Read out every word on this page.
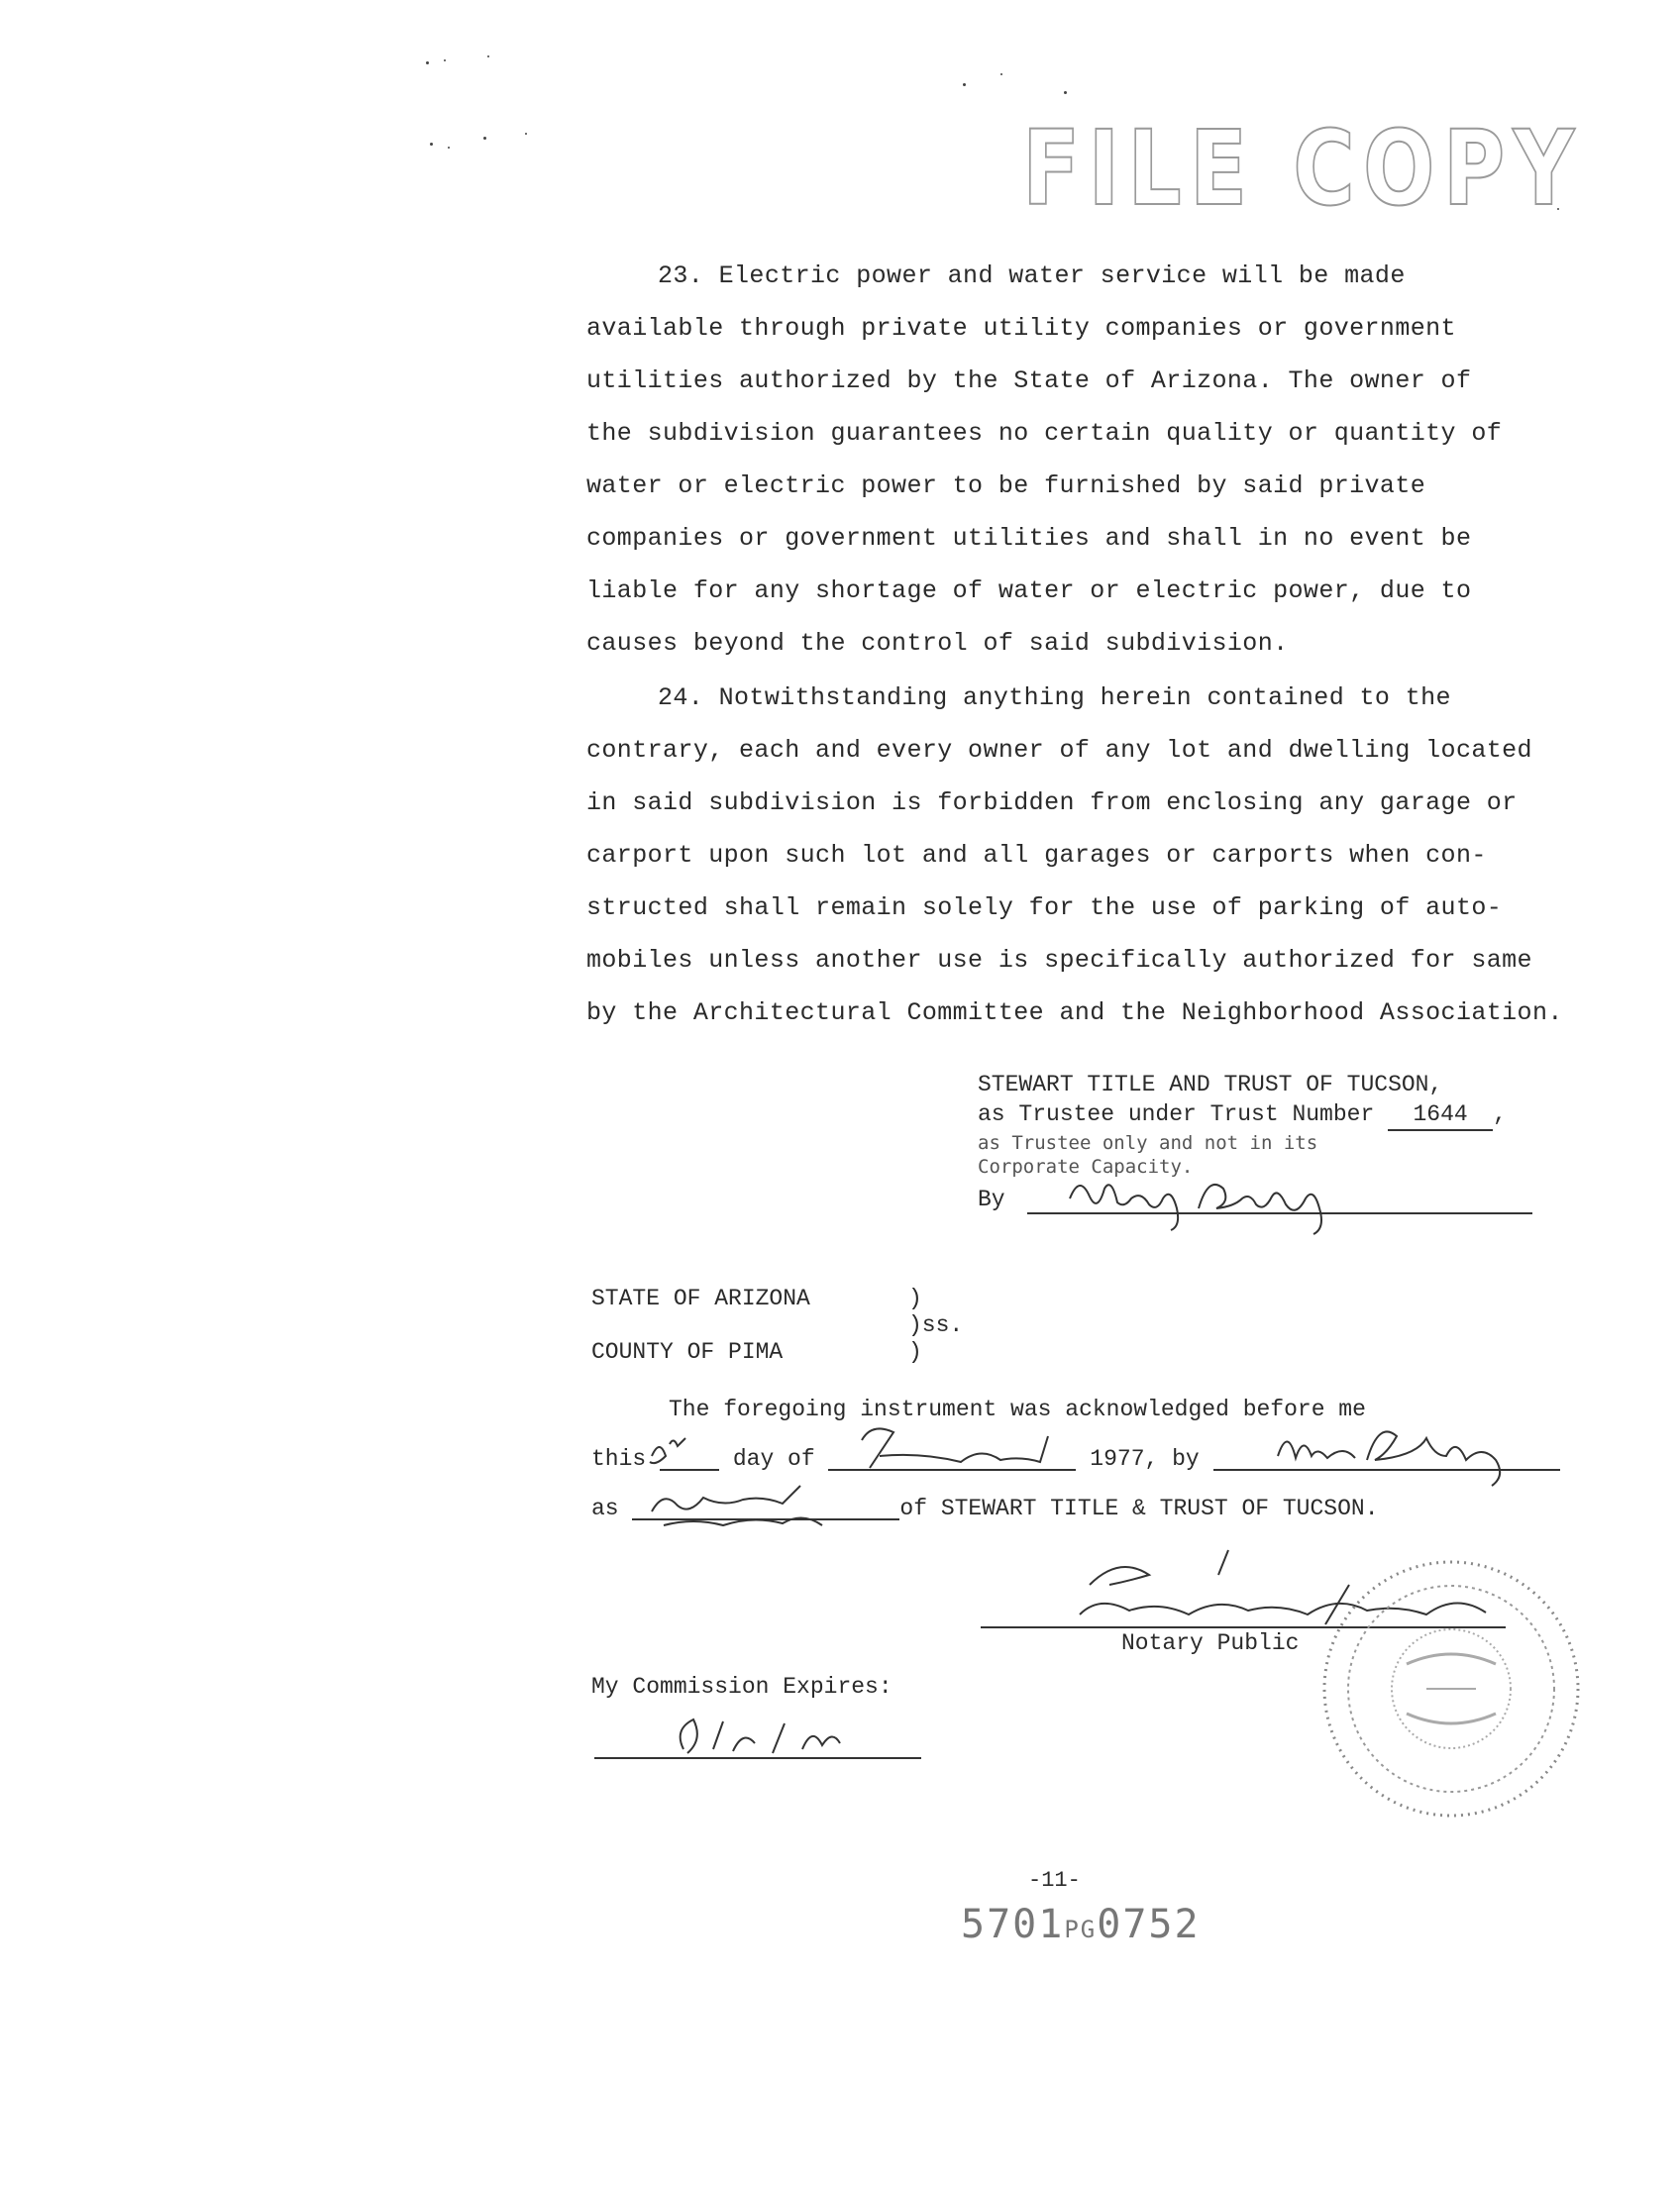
FILE COPY
23. Electric power and water service will be made
available through private utility companies or government
utilities authorized by the State of Arizona. The owner of
the subdivision guarantees no certain quality or quantity of
water or electric power to be furnished by said private
companies or government utilities and shall in no event be
liable for any shortage of water or electric power, due to
causes beyond the control of said subdivision.
24. Notwithstanding anything herein contained to the
contrary, each and every owner of any lot and dwelling located
in said subdivision is forbidden from enclosing any garage or
carport upon such lot and all garages or carports when con-
structed shall remain solely for the use of parking of auto-
mobiles unless another use is specifically authorized for same
by the Architectural Committee and the Neighborhood Association.
STEWART TITLE AND TRUST OF TUCSON,
as Trustee under Trust Number 1644 ,
as Trustee only and not in its
Corporate Capacity.
By
STATE OF ARIZONA	)
)ss.
COUNTY OF PIMA	)
The foregoing instrument was acknowledged before me
this	day of	1977, by
as	of STEWART TITLE & TRUST OF TUCSON.
Notary Public
My Commission Expires:
-11-
5701PG0752
